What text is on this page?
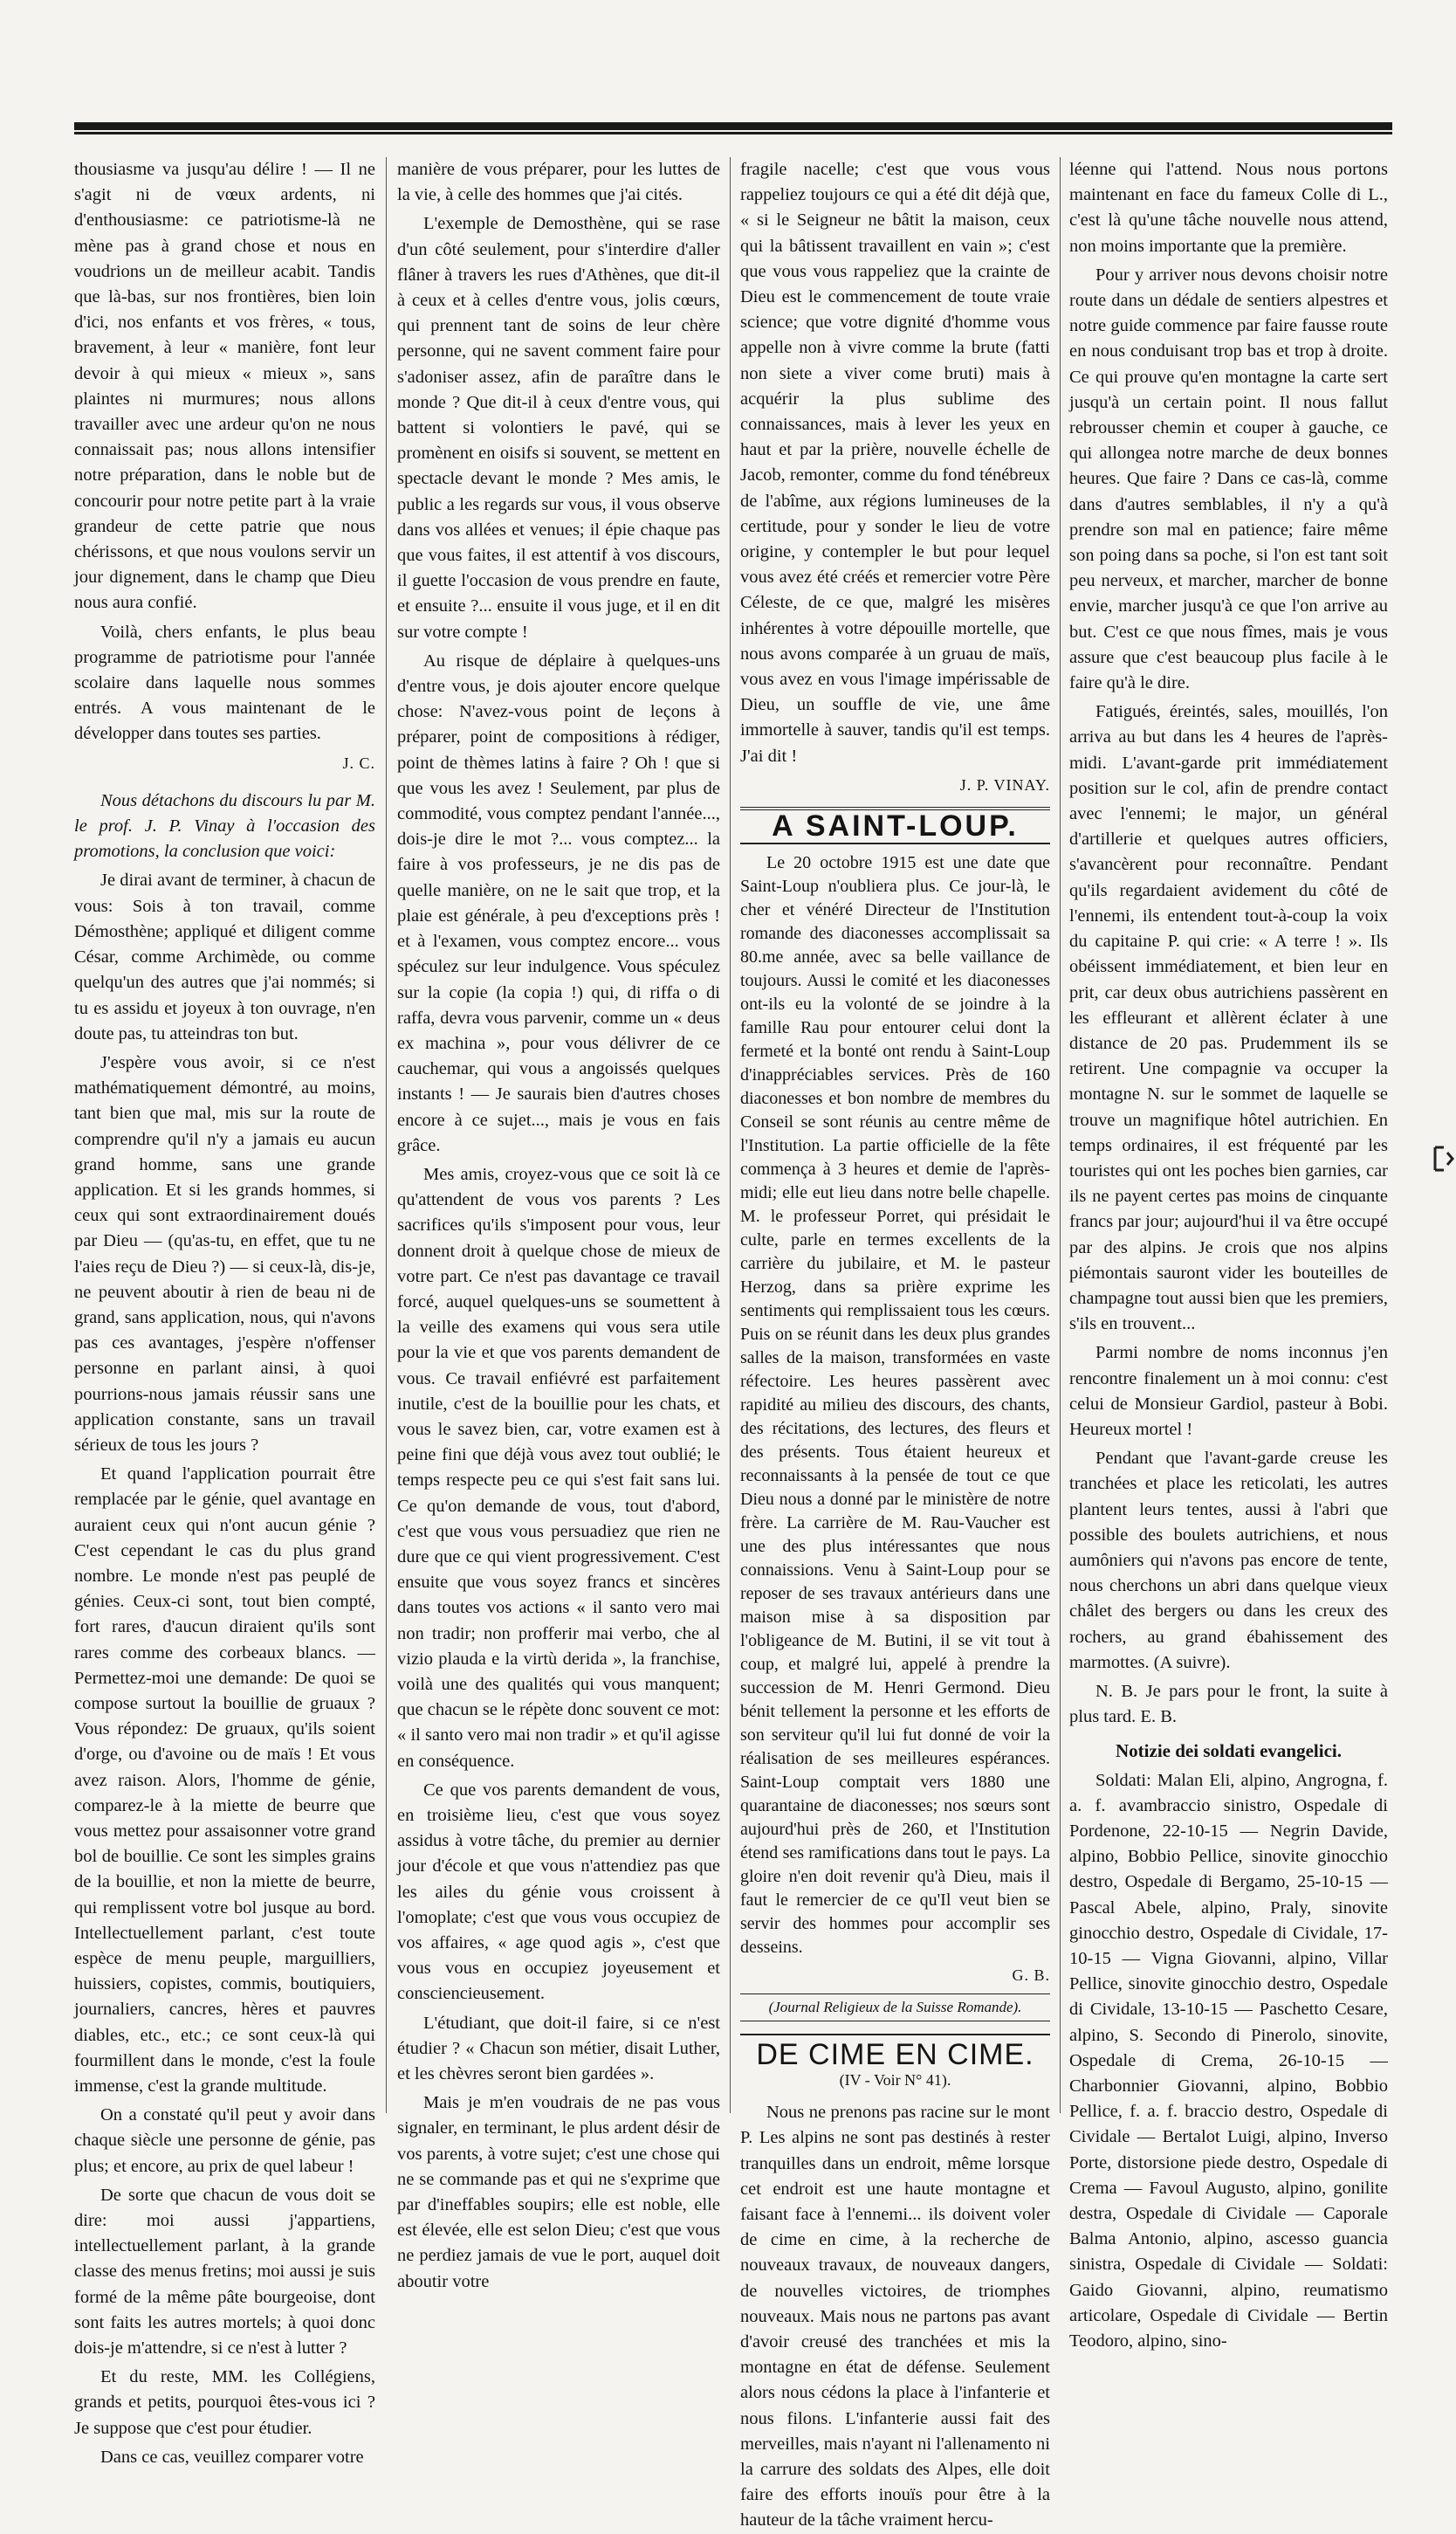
thousiasme va jusqu'au délire ! — Il ne s'agit ni de vœux ardents, ni d'enthousiasme: ce patriotisme-là ne mène pas à grand chose et nous en voudrions un de meilleur acabit. Tandis que là-bas, sur nos frontières, bien loin d'ici, nos enfants et vos frères, « tous, bravement, à leur « manière, font leur devoir à qui mieux « mieux », sans plaintes ni murmures; nous allons travailler avec une ardeur qu'on ne nous connaissait pas; nous allons intensifier notre préparation, dans le noble but de concourir pour notre petite part à la vraie grandeur de cette patrie que nous chérissons, et que nous voulons servir un jour dignement, dans le champ que Dieu nous aura confié.

Voilà, chers enfants, le plus beau programme de patriotisme pour l'année scolaire dans laquelle nous sommes entrés. A vous maintenant de le développer dans toutes ses parties.

J. C.

Nous détachons du discours lu par M. le prof. J. P. Vinay à l'occasion des promotions, la conclusion que voici:

Je dirai avant de terminer, à chacun de vous: Sois à ton travail, comme Démosthène; appliqué et diligent comme César, comme Archimède, ou comme quelqu'un des autres que j'ai nommés; si tu es assidu et joyeux à ton ouvrage, n'en doute pas, tu atteindras ton but.

J'espère vous avoir, si ce n'est mathématiquement démontré, au moins, tant bien que mal, mis sur la route de comprendre qu'il n'y a jamais eu aucun grand homme, sans une grande application. Et si les grands hommes, si ceux qui sont extraordinairement doués par Dieu — (qu'as-tu, en effet, que tu ne l'aies reçu de Dieu ?) — si ceux-là, dis-je, ne peuvent aboutir à rien de beau ni de grand, sans application, nous, qui n'avons pas ces avantages, j'espère n'offenser personne en parlant ainsi, à quoi pourrions-nous jamais réussir sans une application constante, sans un travail sérieux de tous les jours ?

Et quand l'application pourrait être remplacée par le génie, quel avantage en auraient ceux qui n'ont aucun génie ? C'est cependant le cas du plus grand nombre. Le monde n'est pas peuplé de génies. Ceux-ci sont, tout bien compté, fort rares, d'aucun diraient qu'ils sont rares comme des corbeaux blancs. — Permettez-moi une demande: De quoi se compose surtout la bouillie de gruaux ? Vous répondez: De gruaux, qu'ils soient d'orge, ou d'avoine ou de maïs ! Et vous avez raison. Alors, l'homme de génie, comparez-le à la miette de beurre que vous mettez pour assaisonner votre grand bol de bouillie. Ce sont les simples grains de la bouillie, et non la miette de beurre, qui remplissent votre bol jusque au bord. Intellectuellement parlant, c'est toute espèce de menu peuple, marguilliers, huissiers, copistes, commis, boutiquiers, journaliers, cancres, hères et pauvres diables, etc., etc.; ce sont ceux-là qui fourmillent dans le monde, c'est la foule immense, c'est la grande multitude.

On a constaté qu'il peut y avoir dans chaque siècle une personne de génie, pas plus; et encore, au prix de quel labeur !

De sorte que chacun de vous doit se dire: moi aussi j'appartiens, intellectuellement parlant, à la grande classe des menus fretins; moi aussi je suis formé de la même pâte bourgeoise, dont sont faits les autres mortels; à quoi donc dois-je m'attendre, si ce n'est à lutter ?

Et du reste, MM. les Collégiens, grands et petits, pourquoi êtes-vous ici ? Je suppose que c'est pour étudier.

Dans ce cas, veuillez comparer votre

manière de vous préparer, pour les luttes de la vie, à celle des hommes que j'ai cités.

L'exemple de Demosthène, qui se rase d'un côté seulement, pour s'interdire d'aller flâner à travers les rues d'Athènes, que dit-il à ceux et à celles d'entre vous, jolis cœurs, qui prennent tant de soins de leur chère personne, qui ne savent comment faire pour s'adoniser assez, afin de paraître dans le monde ? Que dit-il à ceux d'entre vous, qui battent si volontiers le pavé, qui se promènent en oisifs si souvent, se mettent en spectacle devant le monde ? Mes amis, le public a les regards sur vous, il vous observe dans vos allées et venues; il épie chaque pas que vous faites, il est attentif à vos discours, il guette l'occasion de vous prendre en faute, et ensuite ?... ensuite il vous juge, et il en dit sur votre compte !

Au risque de déplaire à quelques-uns d'entre vous, je dois ajouter encore quelque chose: N'avez-vous point de leçons à préparer, point de compositions à rédiger, point de thèmes latins à faire ? Oh ! que si que vous les avez ! Seulement, par plus de commodité, vous comptez pendant l'année..., dois-je dire le mot ?... vous comptez... la faire à vos professeurs, je ne dis pas de quelle manière, on ne le sait que trop, et la plaie est générale, à peu d'exceptions près ! et à l'examen, vous comptez encore... vous spéculez sur leur indulgence. Vous spéculez sur la copie (la copia !) qui, di riffa o di raffa, devra vous parvenir, comme un « deus ex machina », pour vous délivrer de ce cauchemar, qui vous a angoissés quelques instants ! — Je saurais bien d'autres choses encore à ce sujet..., mais je vous en fais grâce.

Mes amis, croyez-vous que ce soit là ce qu'attendent de vous vos parents ? Les sacrifices qu'ils s'imposent pour vous, leur donnent droit à quelque chose de mieux de votre part. Ce n'est pas davantage ce travail forcé, auquel quelques-uns se soumettent à la veille des examens qui vous sera utile pour la vie et que vos parents demandent de vous. Ce travail enfiévré est parfaitement inutile, c'est de la bouillie pour les chats, et vous le savez bien, car, votre examen est à peine fini que déjà vous avez tout oublié; le temps respecte peu ce qui s'est fait sans lui. Ce qu'on demande de vous, tout d'abord, c'est que vous vous persuadiez que rien ne dure que ce qui vient progressivement. C'est ensuite que vous soyez francs et sincères dans toutes vos actions « il santo vero mai non tradir; non profferir mai verbo, che al vizio plauda e la virtù derida », la franchise, voilà une des qualités qui vous manquent; que chacun se le répète donc souvent ce mot: « il santo vero mai non tradir » et qu'il agisse en conséquence.

Ce que vos parents demandent de vous, en troisième lieu, c'est que vous soyez assidus à votre tâche, du premier au dernier jour d'école et que vous n'attendiez pas que les ailes du génie vous croissent à l'omoplate; c'est que vous vous occupiez de vos affaires, « age quod agis », c'est que vous vous en occupiez joyeusement et consciencieusement.

L'étudiant, que doit-il faire, si ce n'est étudier ? « Chacun son métier, disait Luther, et les chèvres seront bien gardées ».

Mais je m'en voudrais de ne pas vous signaler, en terminant, le plus ardent désir de vos parents, à votre sujet; c'est une chose qui ne se commande pas et qui ne s'exprime que par d'ineffables soupirs; elle est noble, elle est élevée, elle est selon Dieu; c'est que vous ne perdiez jamais de vue le port, auquel doit aboutir votre

fragile nacelle; c'est que vous vous rappeliez toujours ce qui a été dit déjà que, « si le Seigneur ne bâtit la maison, ceux qui la bâtissent travaillent en vain »; c'est que vous vous rappeliez que la crainte de Dieu est le commencement de toute vraie science; que votre dignité d'homme vous appelle non à vivre comme la brute (fatti non siete a viver come bruti) mais à acquérir la plus sublime des connaissances, mais à lever les yeux en haut et par la prière, nouvelle échelle de Jacob, remonter, comme du fond ténébreux de l'abîme, aux régions lumineuses de la certitude, pour y sonder le lieu de votre origine, y contempler le but pour lequel vous avez été créés et remercier votre Père Céleste, de ce que, malgré les misères inhérentes à votre dépouille mortelle, que nous avons comparée à un gruau de maïs, vous avez en vous l'image impérissable de Dieu, un souffle de vie, une âme immortelle à sauver, tandis qu'il est temps. J'ai dit !

J. P. VINAY.
A SAINT-LOUP.

Le 20 octobre 1915 est une date que Saint-Loup n'oubliera plus. Ce jour-là, le cher et vénéré Directeur de l'Institution romande des diaconesses accomplissait sa 80.me année, avec sa belle vaillance de toujours. Aussi le comité et les diaconesses ont-ils eu la volonté de se joindre à la famille Rau pour entourer celui dont la fermeté et la bonté ont rendu à Saint-Loup d'inappréciables services. Près de 160 diaconesses et bon nombre de membres du Conseil se sont réunis au centre même de l'Institution. La partie officielle de la fête commença à 3 heures et demie de l'après-midi; elle eut lieu dans notre belle chapelle. M. le professeur Porret, qui présidait le culte, parle en termes excellents de la carrière du jubilaire, et M. le pasteur Herzog, dans sa prière exprime les sentiments qui remplissaient tous les cœurs. Puis on se réunit dans les deux plus grandes salles de la maison, transformées en vaste réfectoire. Les heures passèrent avec rapidité au milieu des discours, des chants, des récitations, des lectures, des fleurs et des présents. Tous étaient heureux et reconnaissants à la pensée de tout ce que Dieu nous a donné par le ministère de notre frère. La carrière de M. Rau-Vaucher est une des plus intéressantes que nous connaissions. Venu à Saint-Loup pour se reposer de ses travaux antérieurs dans une maison mise à sa disposition par l'obligeance de M. Butini, il se vit tout à coup, et malgré lui, appelé à prendre la succession de M. Henri Germond. Dieu bénit tellement la personne et les efforts de son serviteur qu'il lui fut donné de voir la réalisation de ses meilleures espérances. Saint-Loup comptait vers 1880 une quarantaine de diaconesses; nos sœurs sont aujourd'hui près de 260, et l'Institution étend ses ramifications dans tout le pays. La gloire n'en doit revenir qu'à Dieu, mais il faut le remercier de ce qu'Il veut bien se servir des hommes pour accomplir ses desseins.

G. B.
(Journal Religieux de la Suisse Romande).
DE CIME EN CIME.
(IV - Voir N° 41).

Nous ne prenons pas racine sur le mont P. Les alpins ne sont pas destinés à rester tranquilles dans un endroit, même lorsque cet endroit est une haute montagne et faisant face à l'ennemi... ils doivent voler de cime en cime, à la recherche de nouveaux travaux, de nouveaux dangers, de nouvelles victoires, de triomphes nouveaux. Mais nous ne partons pas avant d'avoir creusé des tranchées et mis la montagne en état de défense. Seulement alors nous cédons la place à l'infanterie et nous filons. L'infanterie aussi fait des merveilles, mais n'ayant ni l'allenamento ni la carrure des soldats des Alpes, elle doit faire des efforts inouïs pour être à la hauteur de la tâche vraiment hercu-

léenne qui l'attend. Nous nous portons maintenant en face du fameux Colle di L., c'est là qu'une tâche nouvelle nous attend, non moins importante que la première.

Pour y arriver nous devons choisir notre route dans un dédale de sentiers alpestres et notre guide commence par faire fausse route en nous conduisant trop bas et trop à droite. Ce qui prouve qu'en montagne la carte sert jusqu'à un certain point. Il nous fallut rebrousser chemin et couper à gauche, ce qui allongea notre marche de deux bonnes heures. Que faire ? Dans ce cas-là, comme dans d'autres semblables, il n'y a qu'à prendre son mal en patience; faire même son poing dans sa poche, si l'on est tant soit peu nerveux, et marcher, marcher de bonne envie, marcher jusqu'à ce que l'on arrive au but. C'est ce que nous fîmes, mais je vous assure que c'est beaucoup plus facile à le faire qu'à le dire.

Fatigués, éreintés, sales, mouillés, l'on arriva au but dans les 4 heures de l'après-midi. L'avant-garde prit immédiatement position sur le col, afin de prendre contact avec l'ennemi; le major, un général d'artillerie et quelques autres officiers, s'avancèrent pour reconnaître. Pendant qu'ils regardaient avidement du côté de l'ennemi, ils entendent tout-à-coup la voix du capitaine P. qui crie: « A terre ! ». Ils obéissent immédiatement, et bien leur en prit, car deux obus autrichiens passèrent en les effleurant et allèrent éclater à une distance de 20 pas. Prudemment ils se retirent. Une compagnie va occuper la montagne N. sur le sommet de laquelle se trouve un magnifique hôtel autrichien. En temps ordinaires, il est fréquenté par les touristes qui ont les poches bien garnies, car ils ne payent certes pas moins de cinquante francs par jour; aujourd'hui il va être occupé par des alpins. Je crois que nos alpins piémontais sauront vider les bouteilles de champagne tout aussi bien que les premiers, s'ils en trouvent...

Parmi nombre de noms inconnus j'en rencontre finalement un à moi connu: c'est celui de Monsieur Gardiol, pasteur à Bobi. Heureux mortel !

Pendant que l'avant-garde creuse les tranchées et place les reticolati, les autres plantent leurs tentes, aussi à l'abri que possible des boulets autrichiens, et nous aumôniers qui n'avons pas encore de tente, nous cherchons un abri dans quelque vieux châlet des bergers ou dans les creux des rochers, au grand ébahissement des marmottes. (A suivre).

N. B. Je pars pour le front, la suite à plus tard. E. B.

Notizie dei soldati evangelici.

Soldati: Malan Eli, alpino, Angrogna, f. a. f. avambraccio sinistro, Ospedale di Pordenone, 22-10-15 — Negrin Davide, alpino, Bobbio Pellice, sinovite ginocchio destro, Ospedale di Bergamo, 25-10-15 — Pascal Abele, alpino, Praly, sinovite ginocchio destro, Ospedale di Cividale, 17-10-15 — Vigna Giovanni, alpino, Villar Pellice, sinovite ginocchio destro, Ospedale di Cividale, 13-10-15 — Paschetto Cesare, alpino, S. Secondo di Pinerolo, sinovite, Ospedale di Crema, 26-10-15 — Charbonnier Giovanni, alpino, Bobbio Pellice, f. a. f. braccio destro, Ospedale di Cividale — Bertalot Luigi, alpino, Inverso Porte, distorsione piede destro, Ospedale di Crema — Favoul Augusto, alpino, gonilite destra, Ospedale di Cividale — Caporale Balma Antonio, alpino, ascesso guancia sinistra, Ospedale di Cividale — Soldati: Gaido Giovanni, alpino, reumatismo articolare, Ospedale di Cividale — Bertin Teodoro, alpino, sino-
